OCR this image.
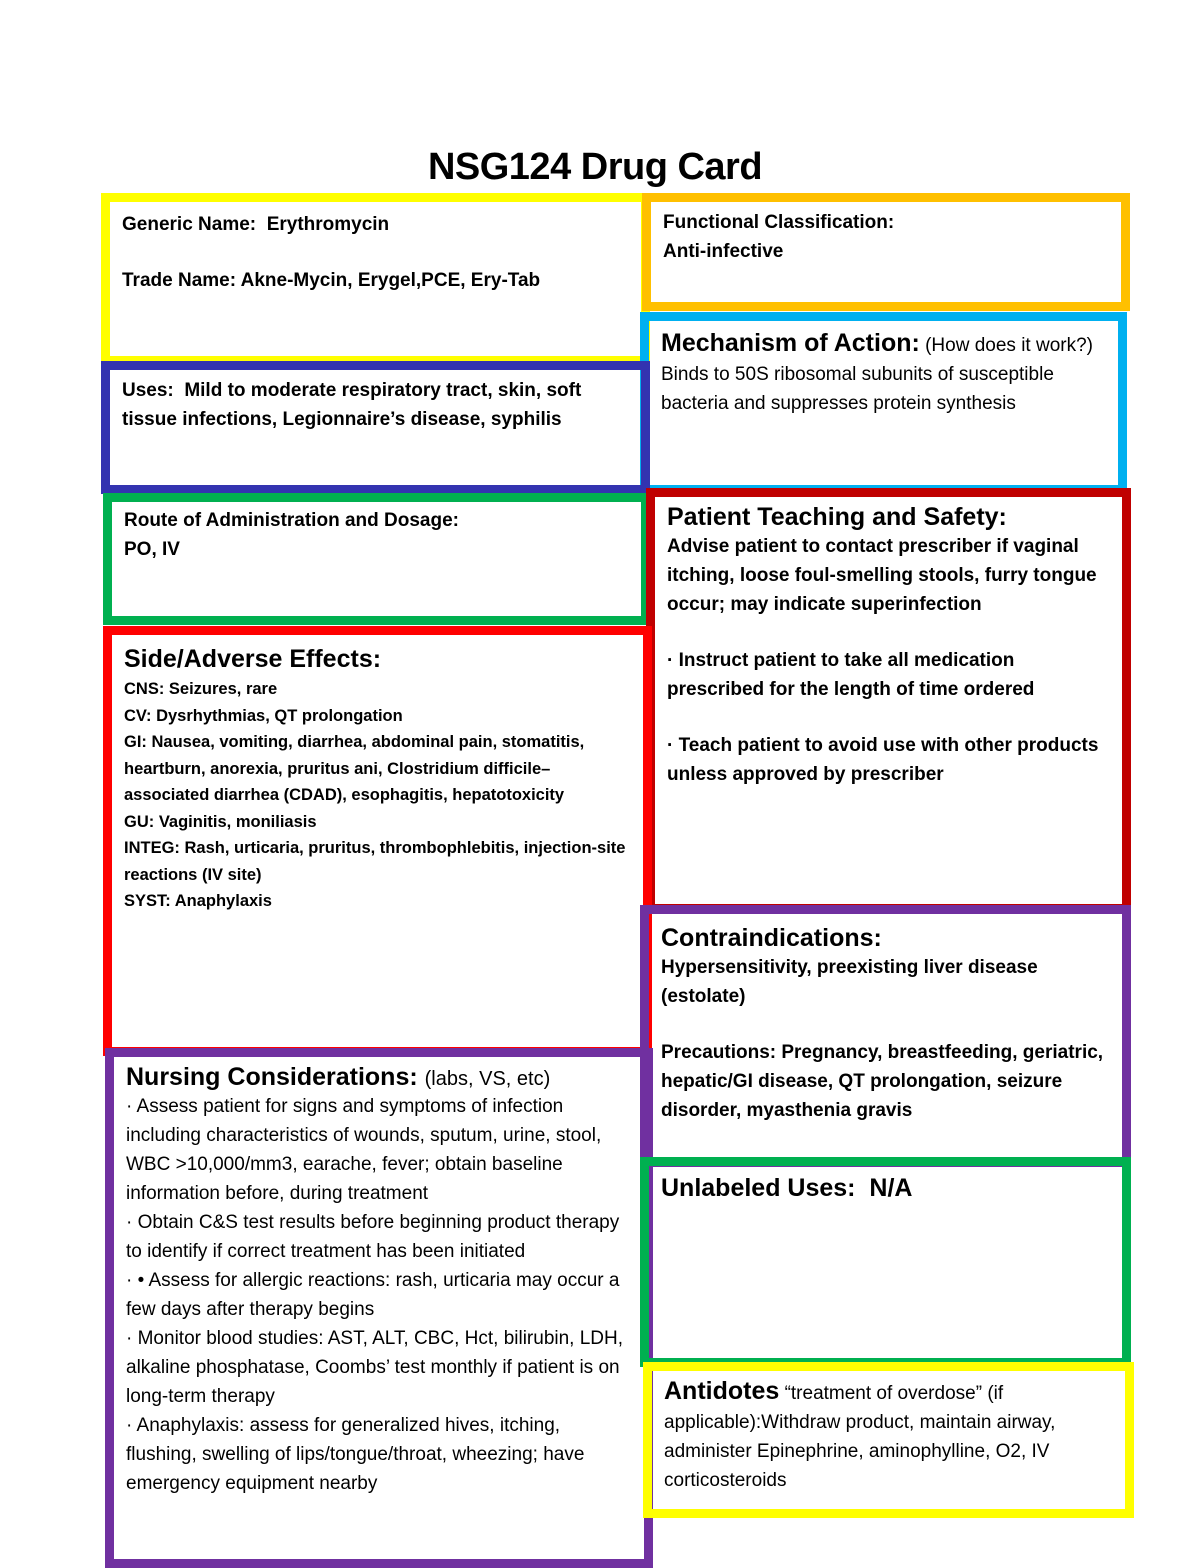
NSG124 Drug Card

Generic Name: Erythromycin

Trade Name: Akne-Mycin, Erygel,PCE, Ery-Tab

Functional Classification:

Anti-infective

Mechanism of Action: (How does it work?) Binds to 50S ribosomal subunits of susceptible bacteria and suppresses protein synthesis

Uses: Mild to moderate respiratory tract, skin, soft tissue infections, Legionnaire’s disease, syphilis

Route of Administration and Dosage:

PO, IV

Patient Teaching and Safety:

Advise patient to contact prescriber if vaginal itching, loose foul-smelling stools, furry tongue occur; may indicate superinfection

· Instruct patient to take all medication prescribed for the length of time ordered

· Teach patient to avoid use with other products unless approved by prescriber

Side/Adverse Effects:

CNS: Seizures, rare

CV: Dysrhythmias, QT prolongation

GI: Nausea, vomiting, diarrhea, abdominal pain, stomatitis, heartburn, anorexia, pruritus ani, Clostridium difficile–associated diarrhea (CDAD), esophagitis, hepatotoxicity

GU: Vaginitis, moniliasis

INTEG: Rash, urticaria, pruritus, thrombophlebitis, injection-site reactions (IV site)

SYST: Anaphylaxis

Contraindications:

Hypersensitivity, preexisting liver disease (estolate)

Precautions: Pregnancy, breastfeeding, geriatric, hepatic/GI disease, QT prolongation, seizure disorder, myasthenia gravis

Nursing Considerations: (labs, VS, etc)

· Assess patient for signs and symptoms of infection including characteristics of wounds, sputum, urine, stool, WBC >10,000/mm3, earache, fever; obtain baseline information before, during treatment

· Obtain C&S test results before beginning product therapy to identify if correct treatment has been initiated

· • Assess for allergic reactions: rash, urticaria may occur a few days after therapy begins

· Monitor blood studies: AST, ALT, CBC, Hct, bilirubin, LDH, alkaline phosphatase, Coombs’ test monthly if patient is on long-term therapy

· Anaphylaxis: assess for generalized hives, itching, flushing, swelling of lips/tongue/throat, wheezing; have emergency equipment nearby

Unlabeled Uses: N/A

Antidotes “treatment of overdose” (if applicable):Withdraw product, maintain airway, administer Epinephrine, aminophylline, O2, IV corticosteroids
